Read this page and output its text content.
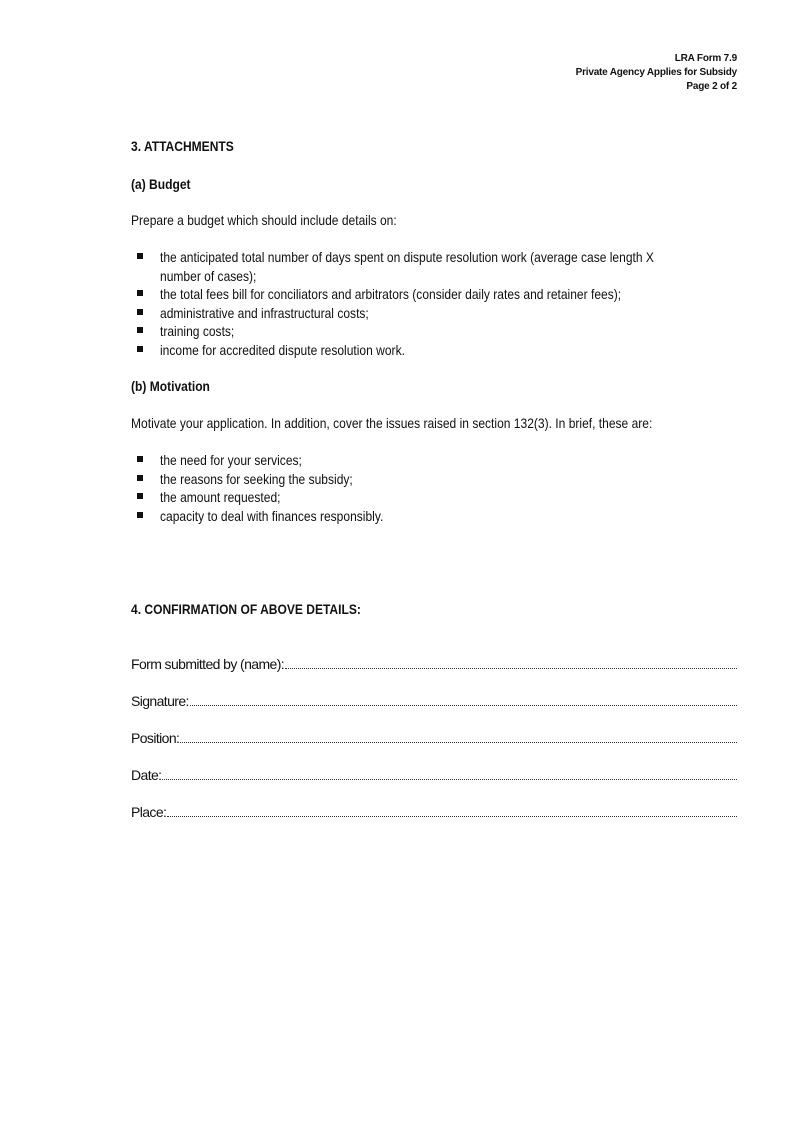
LRA Form 7.9
Private Agency Applies for Subsidy
Page 2 of 2
3. ATTACHMENTS
(a) Budget
Prepare a budget which should include details on:
the anticipated total number of days spent on dispute resolution work (average case length X
number of cases);
the total fees bill for conciliators and arbitrators (consider daily rates and retainer fees);
administrative and infrastructural costs;
training costs;
income for accredited dispute resolution work.
(b) Motivation
Motivate your application. In addition, cover the issues raised in section 132(3). In brief, these are:
the need for your services;
the reasons for seeking the subsidy;
the amount requested;
capacity to deal with finances responsibly.
4. CONFIRMATION OF ABOVE DETAILS:
Form submitted by (name):
Signature:
Position:
Date:
Place:
